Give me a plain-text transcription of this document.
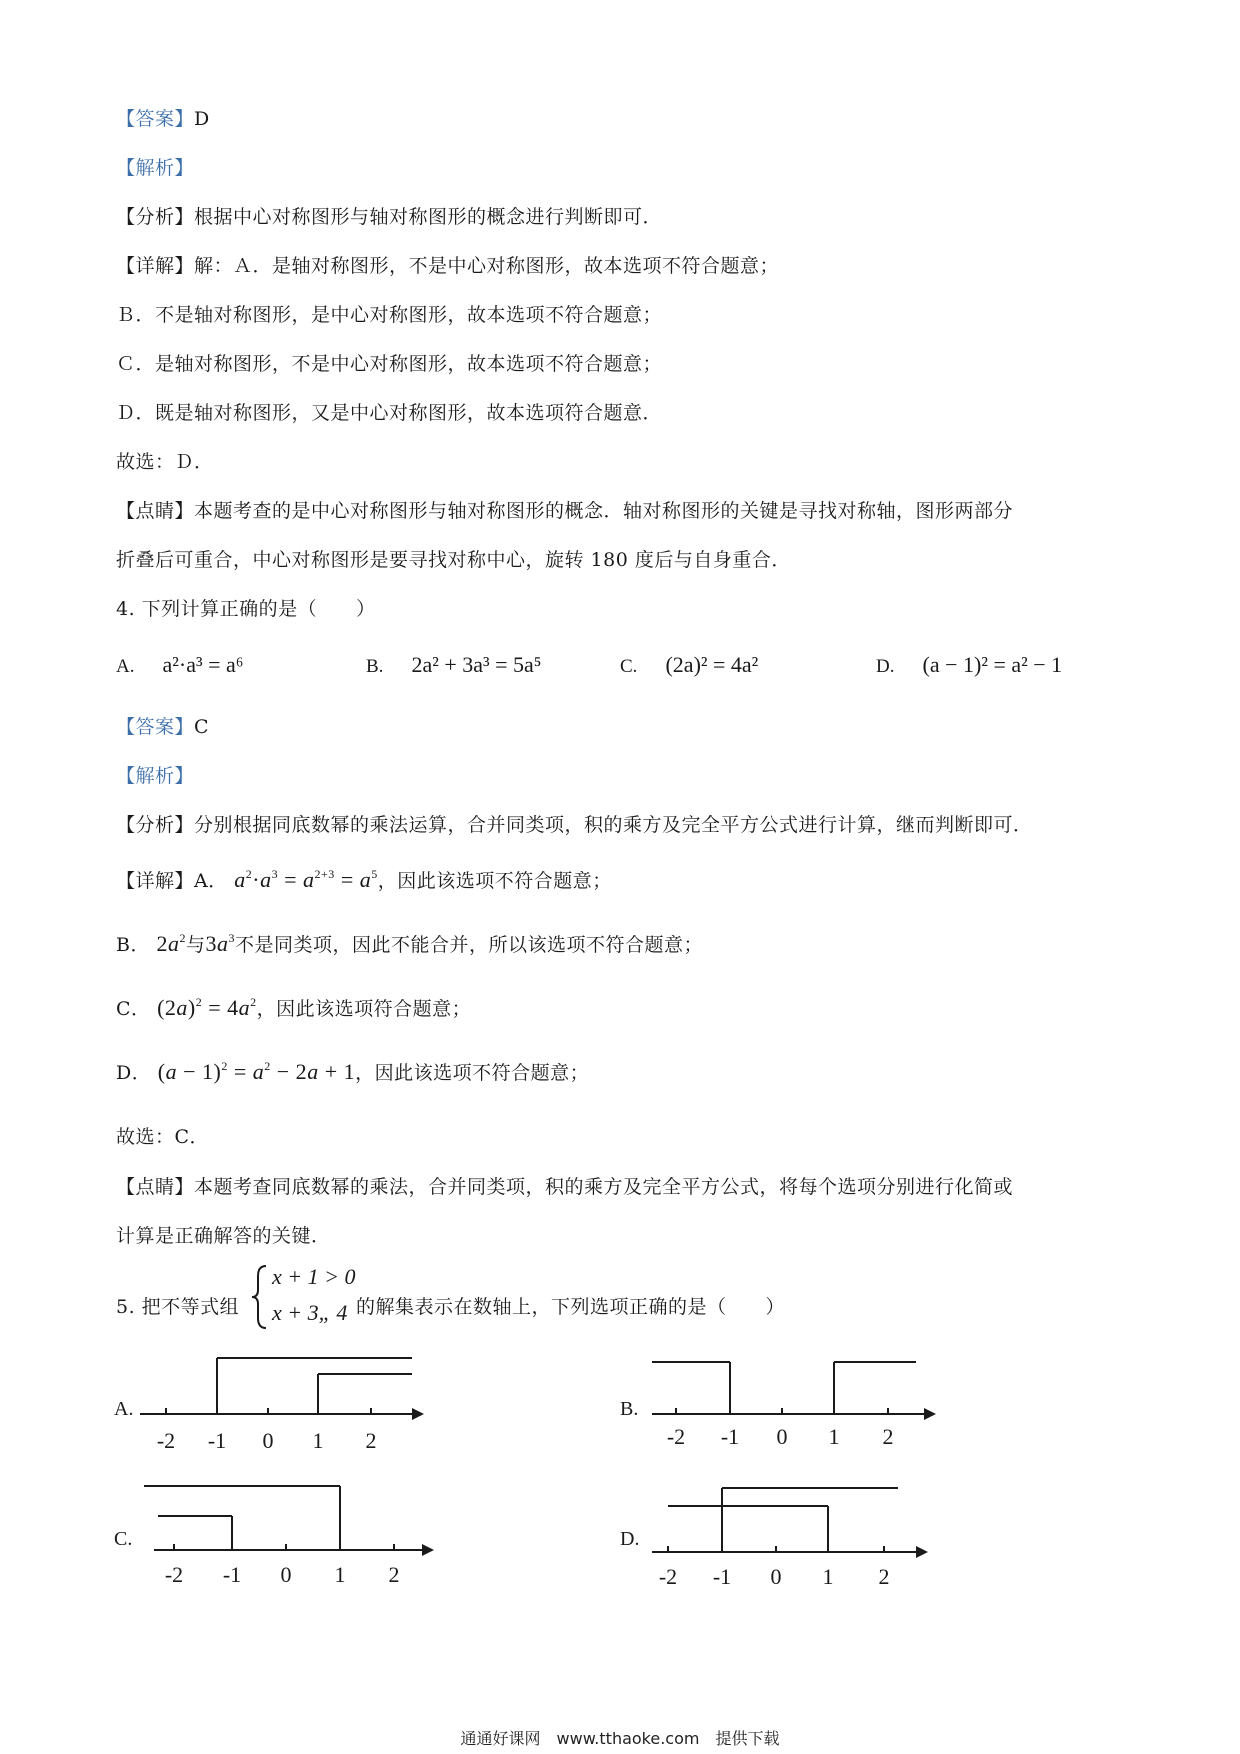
【答案】D
【解析】
【分析】根据中心对称图形与轴对称图形的概念进行判断即可．
【详解】解：Ａ．是轴对称图形，不是中心对称图形，故本选项不符合题意；
Ｂ．不是轴对称图形，是中心对称图形，故本选项不符合题意；
Ｃ．是轴对称图形，不是中心对称图形，故本选项不符合题意；
Ｄ．既是轴对称图形，又是中心对称图形，故本选项符合题意．
故选：Ｄ．
【点睛】本题考查的是中心对称图形与轴对称图形的概念．轴对称图形的关键是寻找对称轴，图形两部分
折叠后可重合，中心对称图形是要寻找对称中心，旋转 180 度后与自身重合．
4. 下列计算正确的是（　　）
A. a²·a³ = a⁶	B. 2a² + 3a³ = 5a⁵	C. (2a)² = 4a²	D. (a − 1)² = a² − 1
【答案】C
【解析】
【分析】分别根据同底数幂的乘法运算，合并同类项，积的乘方及完全平方公式进行计算，继而判断即可．
【详解】A． $a^2\cdot a^3 = a^{2+3} = a^5$，因此该选项不符合题意；
B． $2a^2$与$3a^3$不是同类项，因此不能合并，所以该选项不符合题意；
C． $(2a)^2 = 4a^2$，因此该选项符合题意；
D． $(a - 1)^2 = a^2 - 2a + 1$，因此该选项不符合题意；
故选：C．
【点睛】本题考查同底数幂的乘法，合并同类项，积的乘方及完全平方公式，将每个选项分别进行化简或
计算是正确解答的关键．
5. 把不等式组
x + 1 > 0
x + 3„ 4 的解集表示在数轴上，下列选项正确的是（　　）
A.
-2 -1 0 1 2
B.
-2 -1 0 1 2
C.
-2 -1 0 1 2
D.
-2 -1 0 1 2
通通好课网　www.tthaoke.com　提供下载
